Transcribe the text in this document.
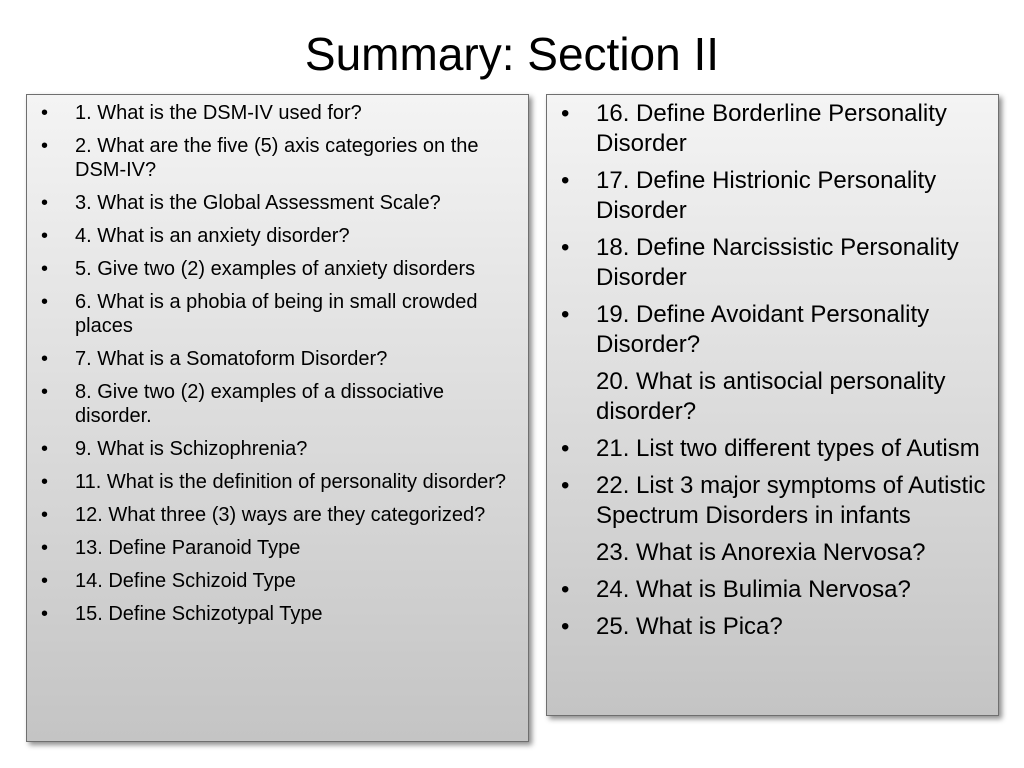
Summary: Section II
• 1. What is the DSM-IV used for?
• 2. What are the five (5) axis categories on the DSM-IV?
• 3. What is the Global Assessment Scale?
• 4. What is an anxiety disorder?
• 5. Give two (2) examples of anxiety disorders
• 6. What is a phobia of being in small crowded places
• 7. What is a Somatoform Disorder?
• 8. Give two (2) examples of a dissociative disorder.
• 9. What is Schizophrenia?
• 11. What is the definition of personality disorder?
• 12. What three (3) ways are they categorized?
• 13. Define Paranoid Type
• 14. Define Schizoid Type
• 15. Define Schizotypal Type
• 16. Define Borderline Personality Disorder
• 17. Define Histrionic Personality Disorder
• 18. Define Narcissistic Personality Disorder
• 19. Define Avoidant Personality Disorder?
20. What is antisocial personality disorder?
• 21. List two different types of Autism
• 22. List 3 major symptoms of Autistic Spectrum Disorders in infants
23. What is Anorexia Nervosa?
• 24. What is Bulimia Nervosa?
• 25. What is Pica?
